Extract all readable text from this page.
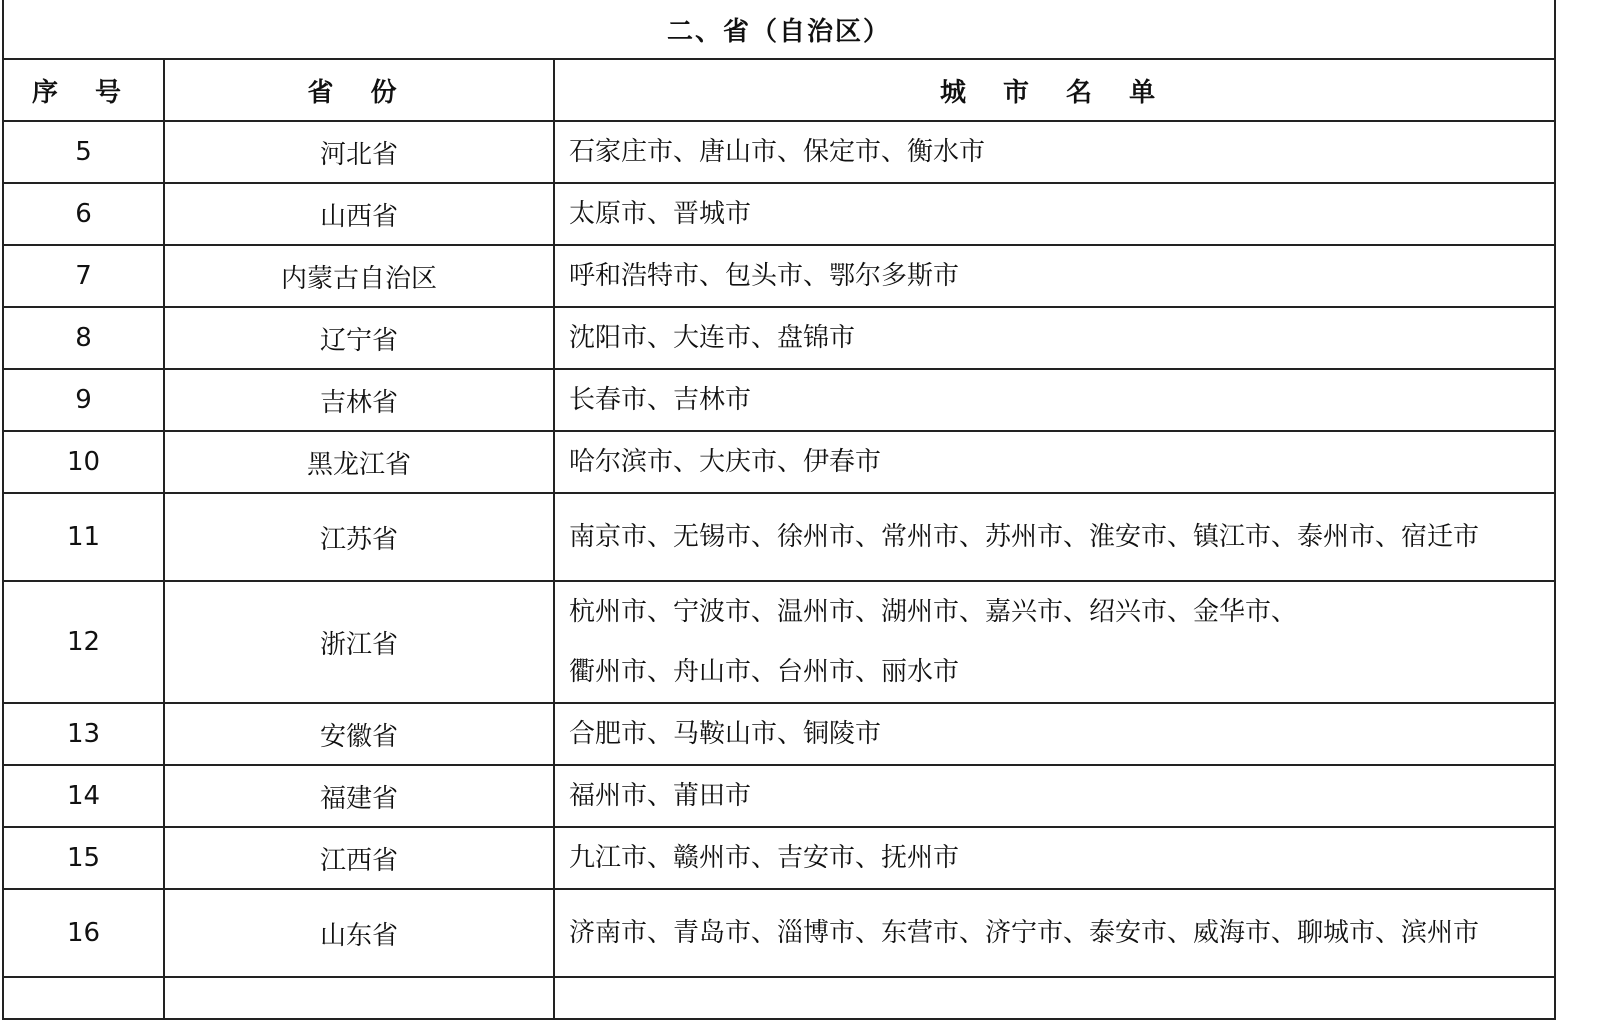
二、省（自治区）		
序 号	省 份	城 市 名 单
5	河北省	石家庄市、唐山市、保定市、衡水市

6	山西省	太原市、晋城市

7	内蒙古自治区	呼和浩特市、包头市、鄂尔多斯市

8	辽宁省	沈阳市、大连市、盘锦市

9	吉林省	长春市、吉林市

10	黑龙江省	哈尔滨市、大庆市、伊春市

11	江苏省	南京市、无锡市、徐州市、常州市、苏州市、淮安市、镇江市、泰州市、宿迁市

12	浙江省	杭州市、宁波市、温州市、湖州市、嘉兴市、绍兴市、金华市、
衢州市、舟山市、台州市、丽水市

13	安徽省	合肥市、马鞍山市、铜陵市

14	福建省	福州市、莆田市

15	江西省	九江市、赣州市、吉安市、抚州市

16	山东省	济南市、青岛市、淄博市、东营市、济宁市、泰安市、威海市、聊城市、滨州市
